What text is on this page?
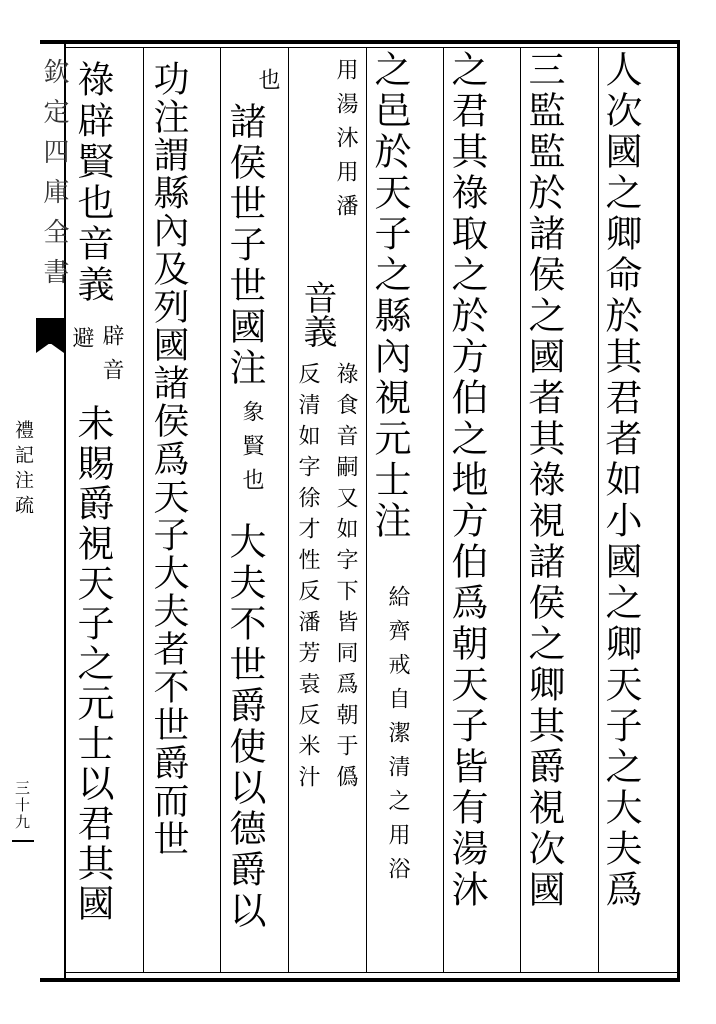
欽定四庫全書
禮記注疏
三十九	人次國之卿命於其君者如小國之卿天子之大夫爲
三監監於諸侯之國者其祿視諸侯之卿其爵視次國
之君其祿取之於方伯之地方伯爲朝天子皆有湯沐
之邑於天子之縣內視元士注
給齊戒自潔清之用浴
用湯沐用潘
音義
祿食音嗣又如字下皆同爲朝于僞
反清如字徐才性反潘芳袁反米汁
也
諸侯世子世國注
象賢也
大夫不世爵使以德爵以
功注謂縣內及列國諸侯爲天子大夫者不世爵而世
祿辟賢也音義
辟音
避
未賜爵視天子之元士以君其國
